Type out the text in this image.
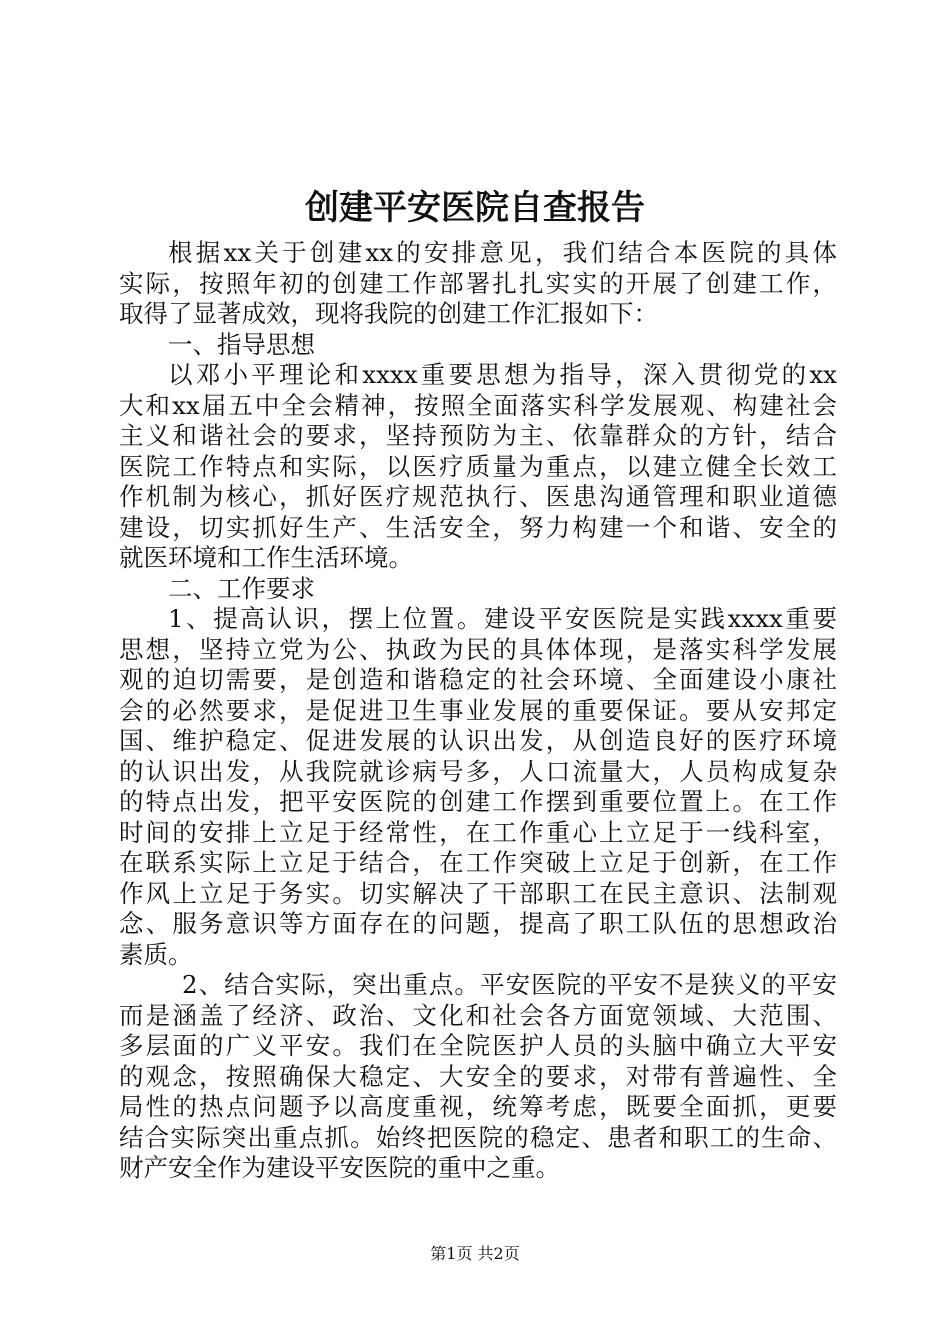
创建平安医院自查报告
根据xx关于创建xx的安排意见，我们结合本医院的具体
实际，按照年初的创建工作部署扎扎实实的开展了创建工作，
取得了显著成效，现将我院的创建工作汇报如下：
一、指导思想
以邓小平理论和xxxx重要思想为指导，深入贯彻党的xx
大和xx届五中全会精神，按照全面落实科学发展观、构建社会
主义和谐社会的要求，坚持预防为主、依靠群众的方针，结合
医院工作特点和实际，以医疗质量为重点，以建立健全长效工
作机制为核心，抓好医疗规范执行、医患沟通管理和职业道德
建设，切实抓好生产、生活安全，努力构建一个和谐、安全的
就医环境和工作生活环境。
二、工作要求
1、提高认识，摆上位置。建设平安医院是实践xxxx重要
思想，坚持立党为公、执政为民的具体体现，是落实科学发展
观的迫切需要，是创造和谐稳定的社会环境、全面建设小康社
会的必然要求，是促进卫生事业发展的重要保证。要从安邦定
国、维护稳定、促进发展的认识出发，从创造良好的医疗环境
的认识出发，从我院就诊病号多，人口流量大，人员构成复杂
的特点出发，把平安医院的创建工作摆到重要位置上。在工作
时间的安排上立足于经常性，在工作重心上立足于一线科室，
在联系实际上立足于结合，在工作突破上立足于创新，在工作
作风上立足于务实。切实解决了干部职工在民主意识、法制观
念、服务意识等方面存在的问题，提高了职工队伍的思想政治
素质。
2、结合实际，突出重点。平安医院的平安不是狭义的平安
而是涵盖了经济、政治、文化和社会各方面宽领域、大范围、
多层面的广义平安。我们在全院医护人员的头脑中确立大平安
的观念，按照确保大稳定、大安全的要求，对带有普遍性、全
局性的热点问题予以高度重视，统筹考虑，既要全面抓，更要
结合实际突出重点抓。始终把医院的稳定、患者和职工的生命、
财产安全作为建设平安医院的重中之重。
第1页 共2页
